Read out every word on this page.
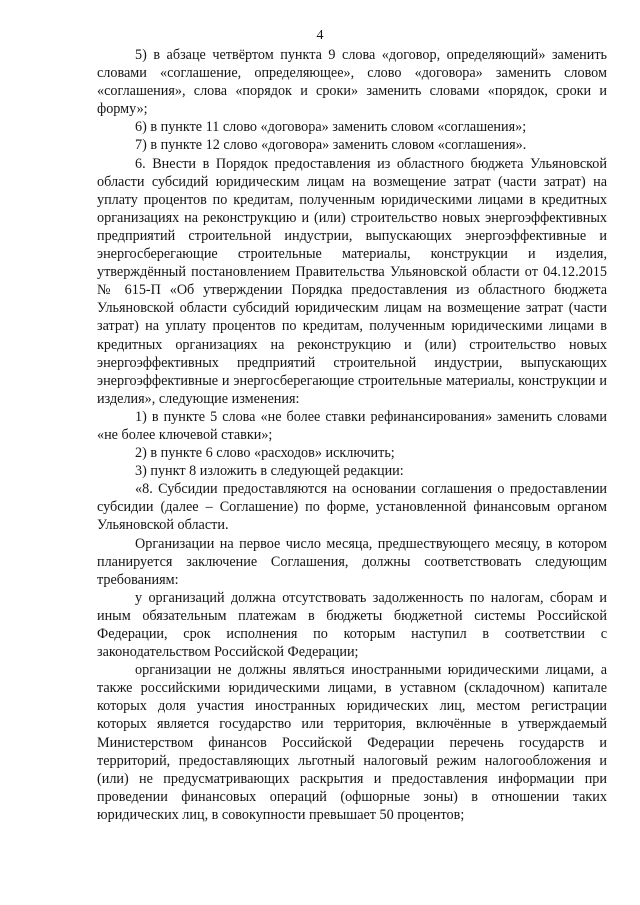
4

5) в абзаце четвёртом пункта 9 слова «договор, определяющий» заменить словами «соглашение, определяющее», слово «договора» заменить словом «соглашения», слова «порядок и сроки» заменить словами «порядок, сроки и форму»;

6) в пункте 11 слово «договора» заменить словом «соглашения»;

7) в пункте 12 слово «договора» заменить словом «соглашения».

6. Внести в Порядок предоставления из областного бюджета Ульяновской области субсидий юридическим лицам на возмещение затрат (части затрат) на уплату процентов по кредитам, полученным юридическими лицами в кредитных организациях на реконструкцию и (или) строительство новых энергоэффективных предприятий строительной индустрии, выпускающих энергоэффективные и энергосберегающие строительные материалы, конструкции и изделия, утверждённый постановлением Правительства Ульяновской области от 04.12.2015 № 615-П «Об утверждении Порядка предоставления из областного бюджета Ульяновской области субсидий юридическим лицам на возмещение затрат (части затрат) на уплату процентов по кредитам, полученным юридическими лицами в кредитных организациях на реконструкцию и (или) строительство новых энергоэффективных предприятий строительной индустрии, выпускающих энергоэффективные и энергосберегающие строительные материалы, конструкции и изделия», следующие изменения:

1) в пункте 5 слова «не более ставки рефинансирования» заменить словами «не более ключевой ставки»;

2) в пункте 6 слово «расходов» исключить;

3) пункт 8 изложить в следующей редакции:

«8. Субсидии предоставляются на основании соглашения о предоставлении субсидии (далее – Соглашение) по форме, установленной финансовым органом Ульяновской области.

Организации на первое число месяца, предшествующего месяцу, в котором планируется заключение Соглашения, должны соответствовать следующим требованиям:

у организаций должна отсутствовать задолженность по налогам, сборам и иным обязательным платежам в бюджеты бюджетной системы Российской Федерации, срок исполнения по которым наступил в соответствии с законодательством Российской Федерации;

организации не должны являться иностранными юридическими лицами, а также российскими юридическими лицами, в уставном (складочном) капитале которых доля участия иностранных юридических лиц, местом регистрации которых является государство или территория, включённые в утверждаемый Министерством финансов Российской Федерации перечень государств и территорий, предоставляющих льготный налоговый режим налогообложения и (или) не предусматривающих раскрытия и предоставления информации при проведении финансовых операций (офшорные зоны) в отношении таких юридических лиц, в совокупности превышает 50 процентов;
